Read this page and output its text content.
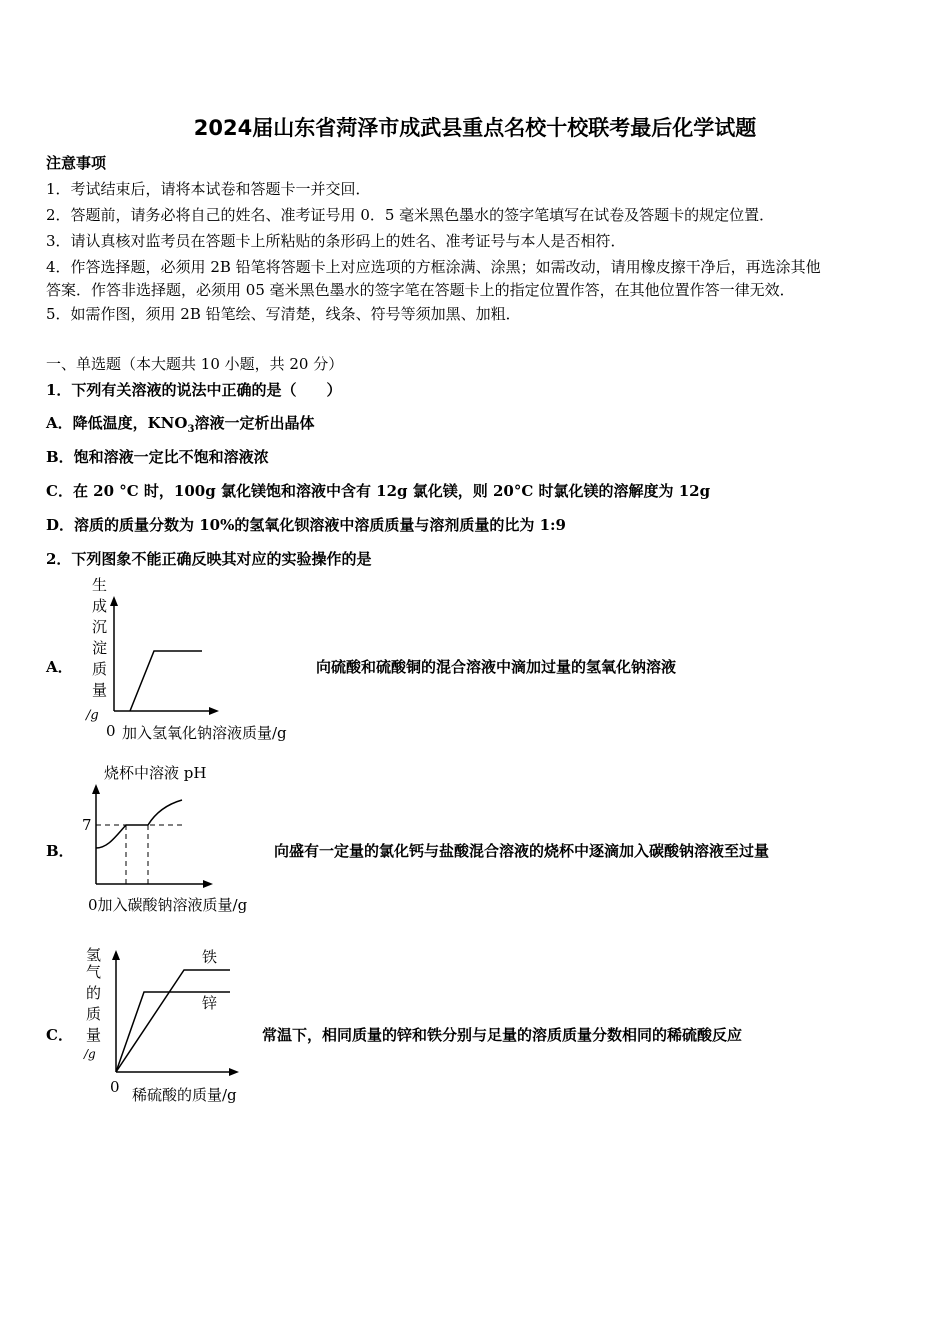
2024届山东省菏泽市成武县重点名校十校联考最后化学试题
注意事项
1．考试结束后，请将本试卷和答题卡一并交回．
2．答题前，请务必将自己的姓名、准考证号用 0．5 毫米黑色墨水的签字笔填写在试卷及答题卡的规定位置．
3．请认真核对监考员在答题卡上所粘贴的条形码上的姓名、准考证号与本人是否相符．
4．作答选择题，必须用 2B 铅笔将答题卡上对应选项的方框涂满、涂黑；如需改动，请用橡皮擦干净后，再选涂其他
答案．作答非选择题，必须用 05 毫米黑色墨水的签字笔在答题卡上的指定位置作答，在其他位置作答一律无效．
5．如需作图，须用 2B 铅笔绘、写清楚，线条、符号等须加黑、加粗．
一、单选题（本大题共 10 小题，共 20 分）
1．下列有关溶液的说法中正确的是（　　）
A．降低温度，$KNO_3$溶液一定析出晶体
B．饱和溶液一定比不饱和溶液浓
C．在 20 °C 时，100g 氯化镁饱和溶液中含有 12g 氯化镁，则 20°C 时氯化镁的溶解度为 12g
D．溶质的质量分数为 10%的氢氧化钡溶液中溶质质量与溶剂质量的比为 1:9
2．下列图象不能正确反映其对应的实验操作的是
A．
生
成
沉
淀
质
量
/g
0 加入氢氧化钠溶液质量/g
向硫酸和硫酸铜的混合溶液中滴加过量的氢氧化钠溶液
B．
烧杯中溶液 pH
7
0加入碳酸钠溶液质量/g
向盛有一定量的氯化钙与盐酸混合溶液的烧杯中逐滴加入碳酸钠溶液至过量
C．
氢
气
的
质
量
/g
铁
锌
0 稀硫酸的质量/g
常温下，相同质量的锌和铁分别与足量的溶质质量分数相同的稀硫酸反应
